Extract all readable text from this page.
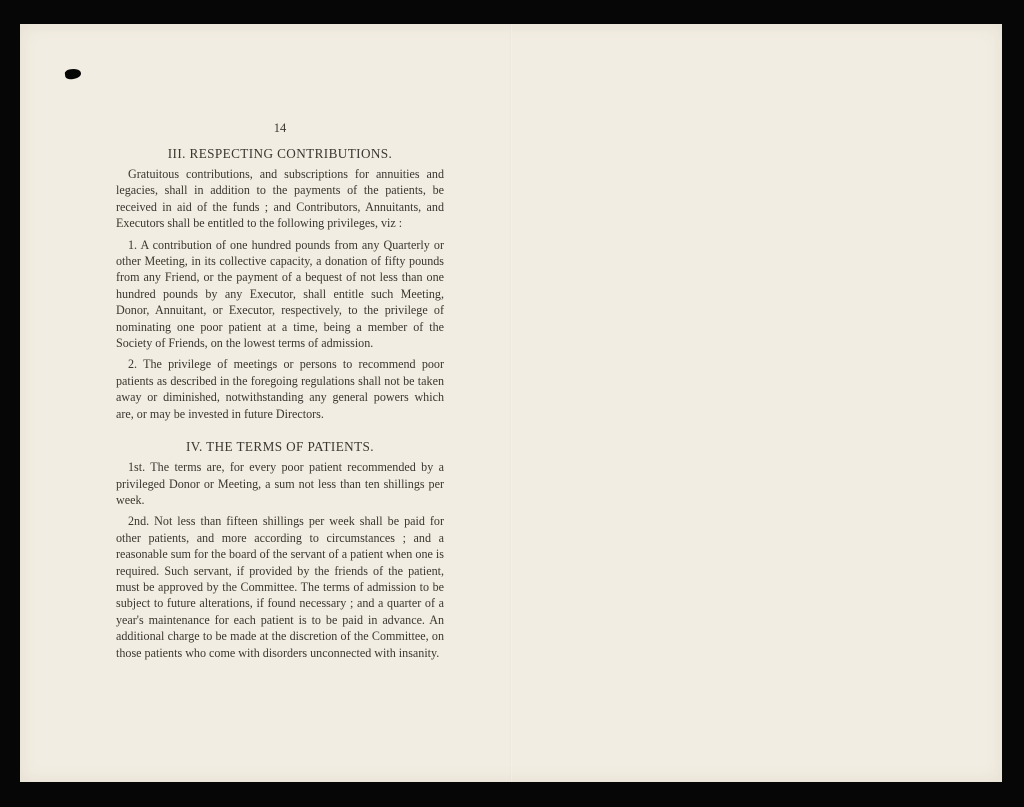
14
III. RESPECTING CONTRIBUTIONS.

Gratuitous contributions, and subscriptions for annuities and legacies, shall in addition to the payments of the patients, be received in aid of the funds ; and Contributors, Annuitants, and Executors shall be entitled to the following privileges, viz :

1. A contribution of one hundred pounds from any Quarterly or other Meeting, in its collective capacity, a donation of fifty pounds from any Friend, or the payment of a bequest of not less than one hundred pounds by any Executor, shall entitle such Meeting, Donor, Annuitant, or Executor, respectively, to the privilege of nominating one poor patient at a time, being a member of the Society of Friends, on the lowest terms of admission.

2. The privilege of meetings or persons to recommend poor patients as described in the foregoing regulations shall not be taken away or diminished, notwithstanding any general powers which are, or may be invested in future Directors.

IV. THE TERMS OF PATIENTS.

1st. The terms are, for every poor patient recommended by a privileged Donor or Meeting, a sum not less than ten shillings per week.

2nd. Not less than fifteen shillings per week shall be paid for other patients, and more according to circumstances ; and a reasonable sum for the board of the servant of a patient when one is required. Such servant, if provided by the friends of the patient, must be approved by the Committee. The terms of admission to be subject to future alterations, if found necessary ; and a quarter of a year's maintenance for each patient is to be paid in advance. An additional charge to be made at the discretion of the Committee, on those patients who come with disorders unconnected with insanity.
